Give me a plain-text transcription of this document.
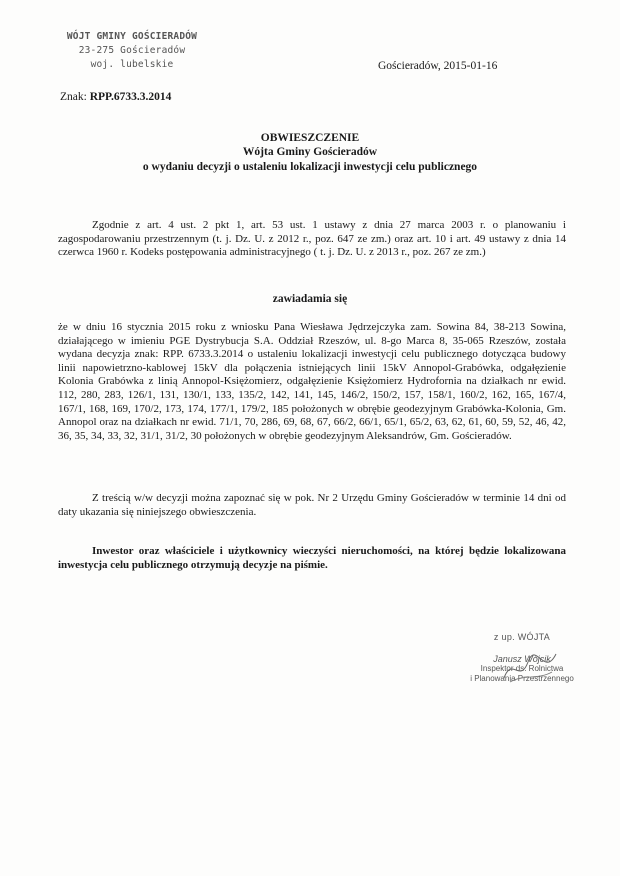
WÓJT GMINY GOŚCIERADÓW
23-275 Gościeradów
woj. lubelskie	Gościeradów, 2015-01-16
Znak: RPP.6733.3.2014
OBWIESZCZENIE
Wójta Gminy Gościeradów
o wydaniu decyzji o ustaleniu lokalizacji inwestycji celu publicznego

Zgodnie z art. 4 ust. 2 pkt 1, art. 53 ust. 1 ustawy z dnia 27 marca 2003 r. o planowaniu i zagospodarowaniu przestrzennym (t. j. Dz. U. z 2012 r., poz. 647 ze zm.) oraz art. 10 i art. 49 ustawy z dnia 14 czerwca 1960 r. Kodeks postępowania administracyjnego ( t. j. Dz. U. z 2013 r., poz. 267 ze zm.)

zawiadamia się

że w dniu 16 stycznia 2015 roku z wniosku Pana Wiesława Jędrzejczyka zam. Sowina 84, 38-213 Sowina, działającego w imieniu PGE Dystrybucja S.A. Oddział Rzeszów, ul. 8-go Marca 8, 35-065 Rzeszów, została wydana decyzja znak: RPP. 6733.3.2014 o ustaleniu lokalizacji inwestycji celu publicznego dotycząca budowy linii napowietrzno-kablowej 15kV dla połączenia istniejących linii 15kV Annopol-Grabówka, odgałęzienie Kolonia Grabówka z linią Annopol-Księżomierz, odgałęzienie Księżomierz Hydrofornia na działkach nr ewid. 112, 280, 283, 126/1, 131, 130/1, 133, 135/2, 142, 141, 145, 146/2, 150/2, 157, 158/1, 160/2, 162, 165, 167/4, 167/1, 168, 169, 170/2, 173, 174, 177/1, 179/2, 185 położonych w obrębie geodezyjnym Grabówka-Kolonia, Gm. Annopol oraz na działkach nr ewid. 71/1, 70, 286, 69, 68, 67, 66/2, 66/1, 65/1, 65/2, 63, 62, 61, 60, 59, 52, 46, 42, 36, 35, 34, 33, 32, 31/1, 31/2, 30 położonych w obrębie geodezyjnym Aleksandrów, Gm. Gościeradów.

Z treścią w/w decyzji można zapoznać się w pok. Nr 2 Urzędu Gminy Gościeradów w terminie 14 dni od daty ukazania się niniejszego obwieszczenia.

Inwestor oraz właściciele i użytkownicy wieczyści nieruchomości, na której będzie lokalizowana inwestycja celu publicznego otrzymują decyzje na piśmie.

z up. WÓJTA
Janusz Wójcik
Inspektor ds. Rolnictwa
i Planowania Przestrzennego
